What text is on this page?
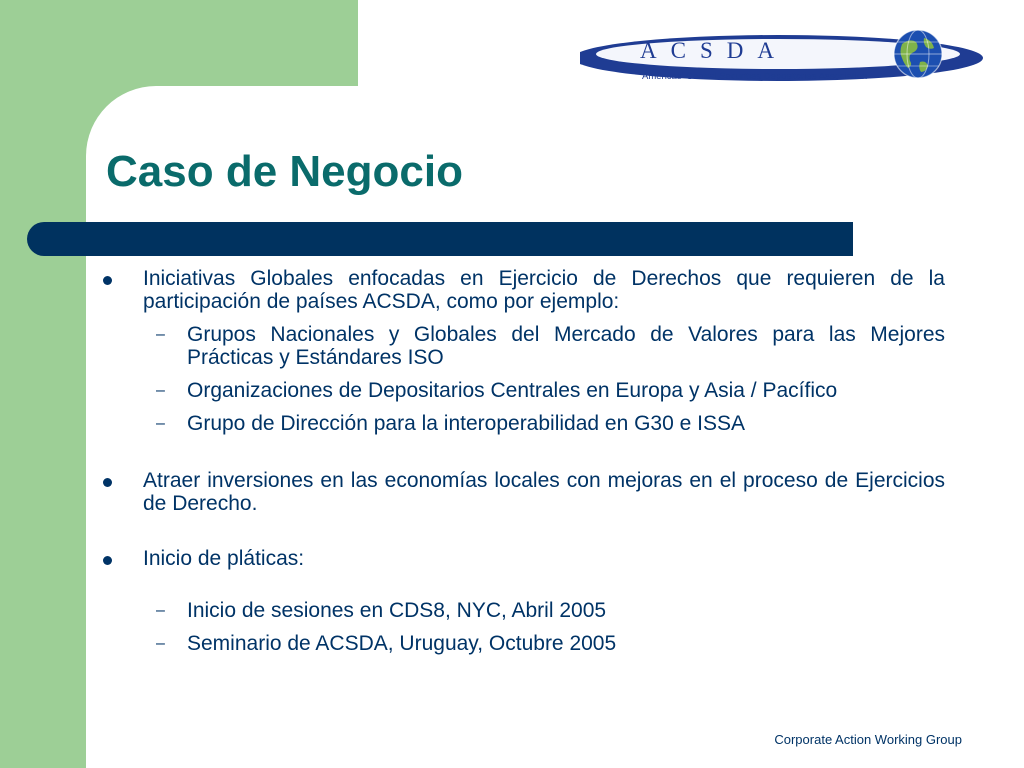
ACSDA
Americas' Central Securities Depositories Association
Caso de Negocio
Iniciativas Globales enfocadas en Ejercicio de Derechos que requieren de la participación de países ACSDA, como por ejemplo:
–	Grupos Nacionales y Globales del Mercado de Valores para las Mejores Prácticas y Estándares ISO
–	Organizaciones de Depositarios Centrales en Europa y Asia / Pacífico
–	Grupo de Dirección para la interoperabilidad en G30 e ISSA
Atraer inversiones en las economías locales con mejoras en el proceso de Ejercicios de Derecho.
Inicio de pláticas:
–	Inicio de sesiones en CDS8, NYC, Abril 2005
–	Seminario de ACSDA, Uruguay, Octubre 2005
Corporate Action Working Group
